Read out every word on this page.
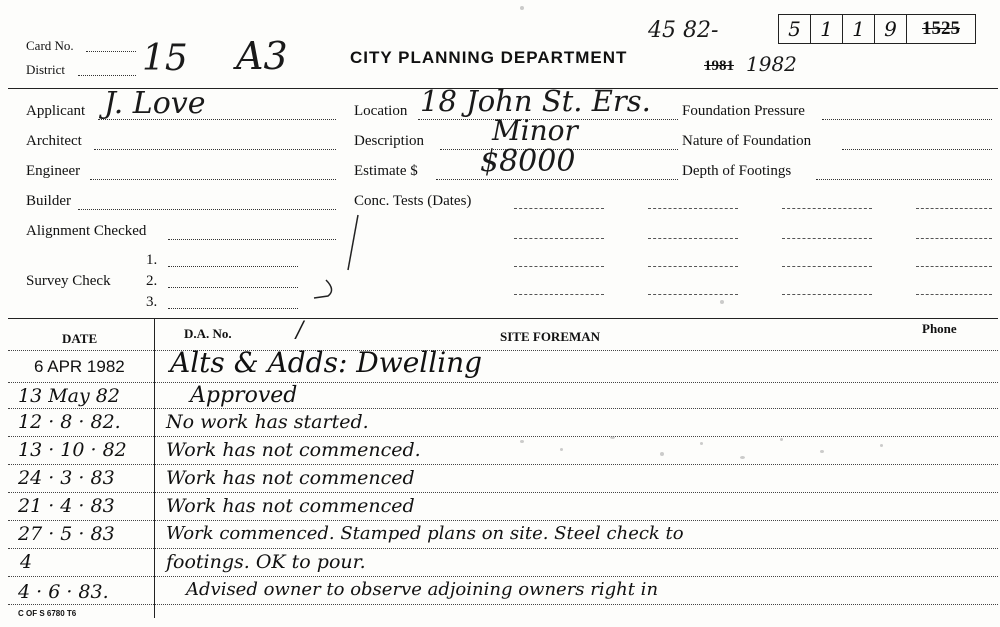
Card No.
District 15 A3	CITY PLANNING DEPARTMENT
45 82-	5 1 1 9	1525
1981 1982
Applicant J. Love
Architect
Engineer
Builder
Alignment Checked
Survey Check
1.
2.
3.
Location 18 John St. Ers.
Description Minor
Estimate $ $8000
Conc. Tests (Dates)
Foundation Pressure
Nature of Foundation
Depth of Footings
DATE	D.A. No.	/	SITE FOREMAN
Phone
6 APR 1982	Alts & Adds: Dwelling
13 May 82	Approved
12 · 8 · 82.	No work has started.
13 · 10 · 82	Work has not commenced.
24 · 3 · 83	Work has not commenced
21 · 4 · 83	Work has not commenced
27 · 5 · 83	Work commenced. Stamped plans on site. Steel check to
4	footings. OK to pour.
4 · 6 · 83.	Advised owner to observe adjoining owners right in
C OF S 6780 T6
